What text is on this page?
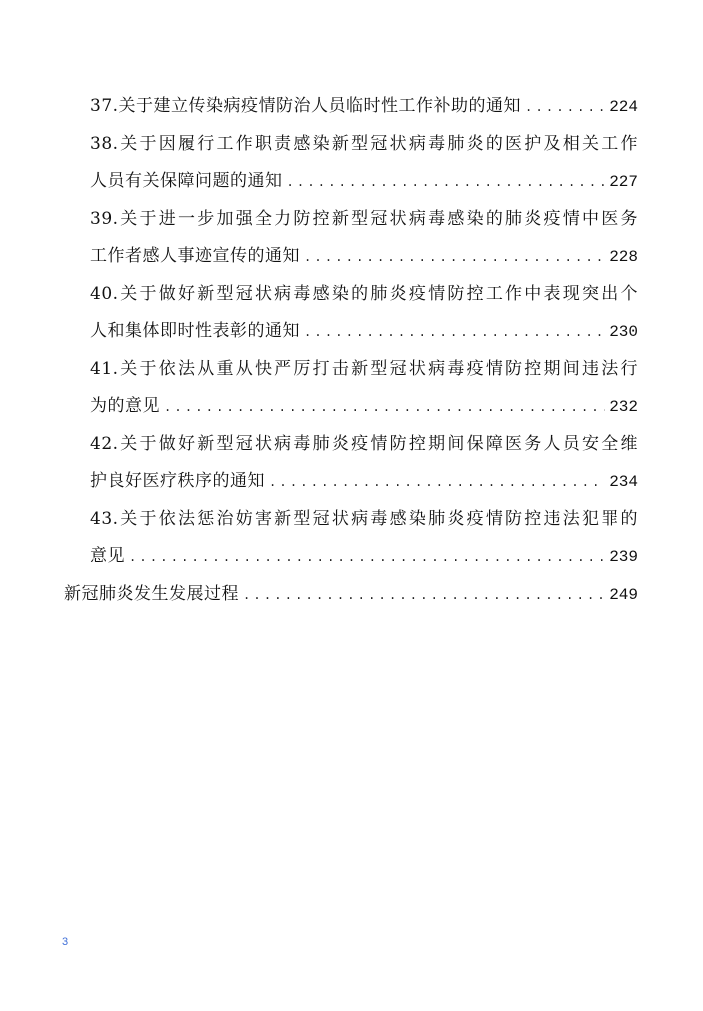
37.关于建立传染病疫情防治人员临时性工作补助的通知 .....	224
38.关于因履行工作职责感染新型冠状病毒肺炎的医护及相关工作
人员有关保障问题的通知 .....	227
39.关于进一步加强全力防控新型冠状病毒感染的肺炎疫情中医务
工作者感人事迹宣传的通知 .....	228
40.关于做好新型冠状病毒感染的肺炎疫情防控工作中表现突出个
人和集体即时性表彰的通知 .....	230
41.关于依法从重从快严厉打击新型冠状病毒疫情防控期间违法行
为的意见 .....	232
42.关于做好新型冠状病毒肺炎疫情防控期间保障医务人员安全维
护良好医疗秩序的通知 .....	234
43.关于依法惩治妨害新型冠状病毒感染肺炎疫情防控违法犯罪的
意见 .....	239
新冠肺炎发生发展过程 .....	249
3
